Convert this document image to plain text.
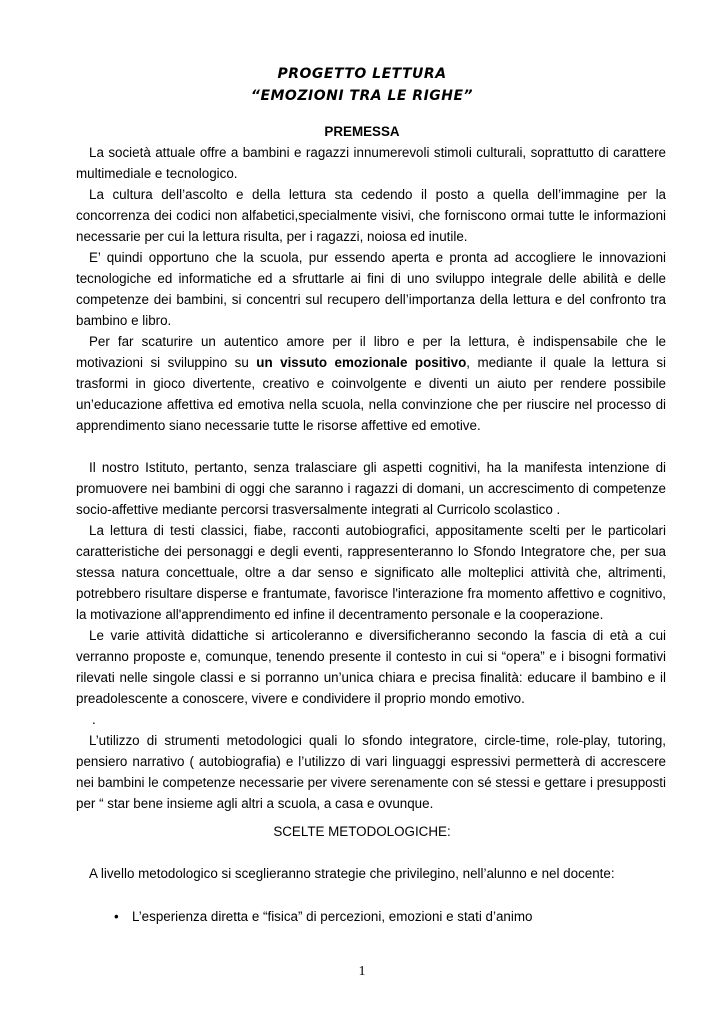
PROGETTO LETTURA
“EMOZIONI TRA LE RIGHE”
PREMESSA

La società attuale offre a bambini e ragazzi innumerevoli stimoli culturali, soprattutto di carattere multimediale e tecnologico.

La cultura dell’ascolto e della lettura sta cedendo il posto a quella dell’immagine per la concorrenza dei codici non alfabetici,specialmente visivi, che forniscono ormai tutte le informazioni necessarie per cui la lettura risulta, per i ragazzi, noiosa ed inutile.

E’ quindi opportuno che la scuola, pur essendo aperta e pronta ad accogliere le innovazioni tecnologiche ed informatiche ed a sfruttarle ai fini di uno sviluppo integrale delle abilità e delle competenze dei bambini, si concentri sul recupero dell’importanza della lettura e del confronto tra bambino e libro.

Per far scaturire un autentico amore per il libro e per la lettura, è indispensabile che le motivazioni si sviluppino su un vissuto emozionale positivo, mediante il quale la lettura si trasformi in gioco divertente, creativo e coinvolgente e diventi un aiuto per rendere possibile un’educazione affettiva ed emotiva nella scuola, nella convinzione che per riuscire nel processo di apprendimento siano necessarie tutte le risorse affettive ed emotive.

Il nostro Istituto, pertanto, senza tralasciare gli aspetti cognitivi, ha la manifesta intenzione di promuovere nei bambini di oggi che saranno i ragazzi di domani, un accrescimento di competenze socio-affettive mediante percorsi trasversalmente integrati al Curricolo scolastico .

La lettura di testi classici, fiabe, racconti autobiografici, appositamente scelti per le particolari caratteristiche dei personaggi e degli eventi, rappresenteranno lo Sfondo Integratore che, per sua stessa natura concettuale, oltre a dar senso e significato alle molteplici attività che, altrimenti, potrebbero risultare disperse e frantumate, favorisce l'interazione fra momento affettivo e cognitivo, la motivazione all'apprendimento ed infine il decentramento personale e la cooperazione.

Le varie attività didattiche si articoleranno e diversificheranno secondo la fascia di età a cui verranno proposte e, comunque, tenendo presente il contesto in cui si “opera” e i bisogni formativi rilevati nelle singole classi e si porranno un’unica chiara e precisa finalità: educare il bambino e il preadolescente a conoscere, vivere e condividere il proprio mondo emotivo.

.

L’utilizzo di strumenti metodologici quali lo sfondo integratore, circle-time, role-play, tutoring, pensiero narrativo ( autobiografia) e l’utilizzo di vari linguaggi espressivi permetterà di accrescere nei bambini le competenze necessarie per vivere serenamente con sé stessi e gettare i presupposti per “ star bene insieme agli altri a scuola, a casa e ovunque.

SCELTE METODOLOGICHE:
A livello metodologico si sceglieranno strategie che privilegino, nell’alunno e nel docente:
• L’esperienza diretta e “fisica” di percezioni, emozioni e stati d’animo
1
